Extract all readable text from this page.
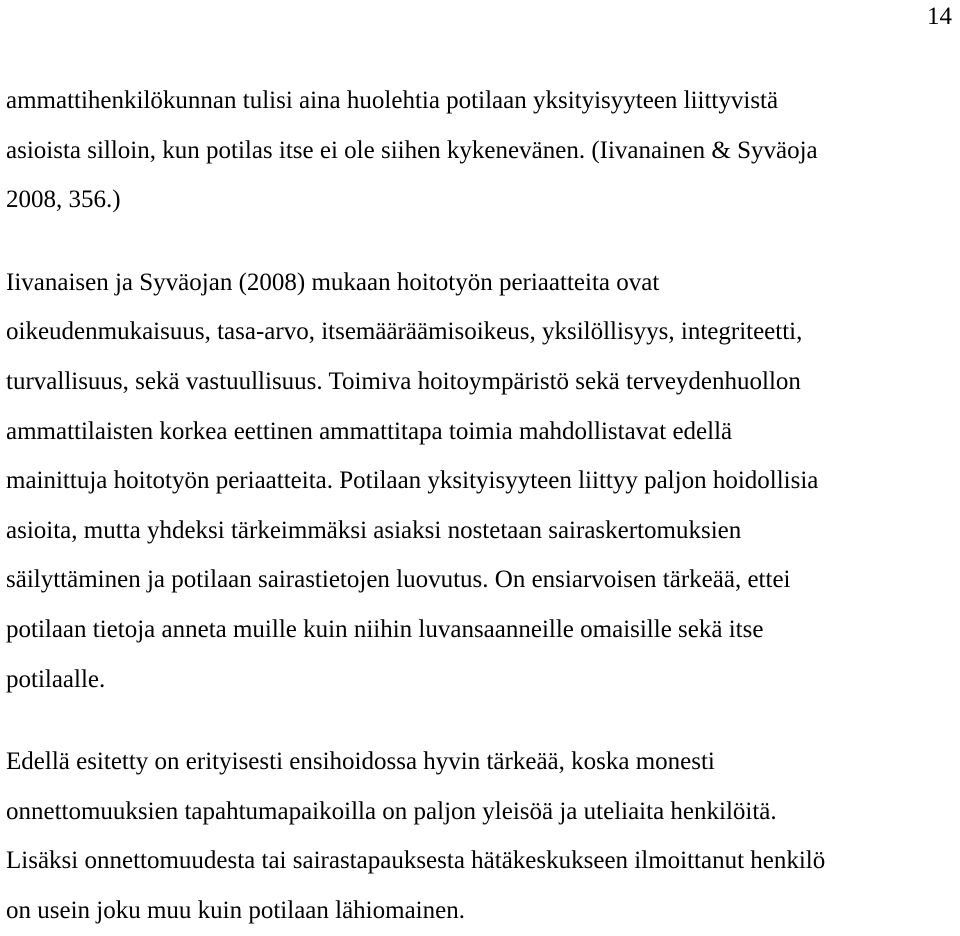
14

ammattihenkilökunnan tulisi aina huolehtia potilaan yksityisyyteen liittyvistä
asioista silloin, kun potilas itse ei ole siihen kykenevänen. (Iivanainen & Syväoja
2008, 356.)

Iivanaisen ja Syväojan (2008) mukaan hoitotyön periaatteita ovat
oikeudenmukaisuus, tasa-arvo, itsemääräämisoikeus, yksilöllisyys, integriteetti,
turvallisuus, sekä vastuullisuus. Toimiva hoitoympäristö sekä terveydenhuollon
ammattilaisten korkea eettinen ammattitapa toimia mahdollistavat edellä
mainittuja hoitotyön periaatteita. Potilaan yksityisyyteen liittyy paljon hoidollisia
asioita, mutta yhdeksi tärkeimmäksi asiaksi nostetaan sairaskertomuksien
säilyttäminen ja potilaan sairastietojen luovutus. On ensiarvoisen tärkeää, ettei
potilaan tietoja anneta muille kuin niihin luvansaanneille omaisille sekä itse
potilaalle.

Edellä esitetty on erityisesti ensihoidossa hyvin tärkeää, koska monesti
onnettomuuksien tapahtumapaikoilla on paljon yleisöä ja uteliaita henkilöitä.
Lisäksi onnettomuudesta tai sairastapauksesta hätäkeskukseen ilmoittanut henkilö
on usein joku muu kuin potilaan lähiomainen.
